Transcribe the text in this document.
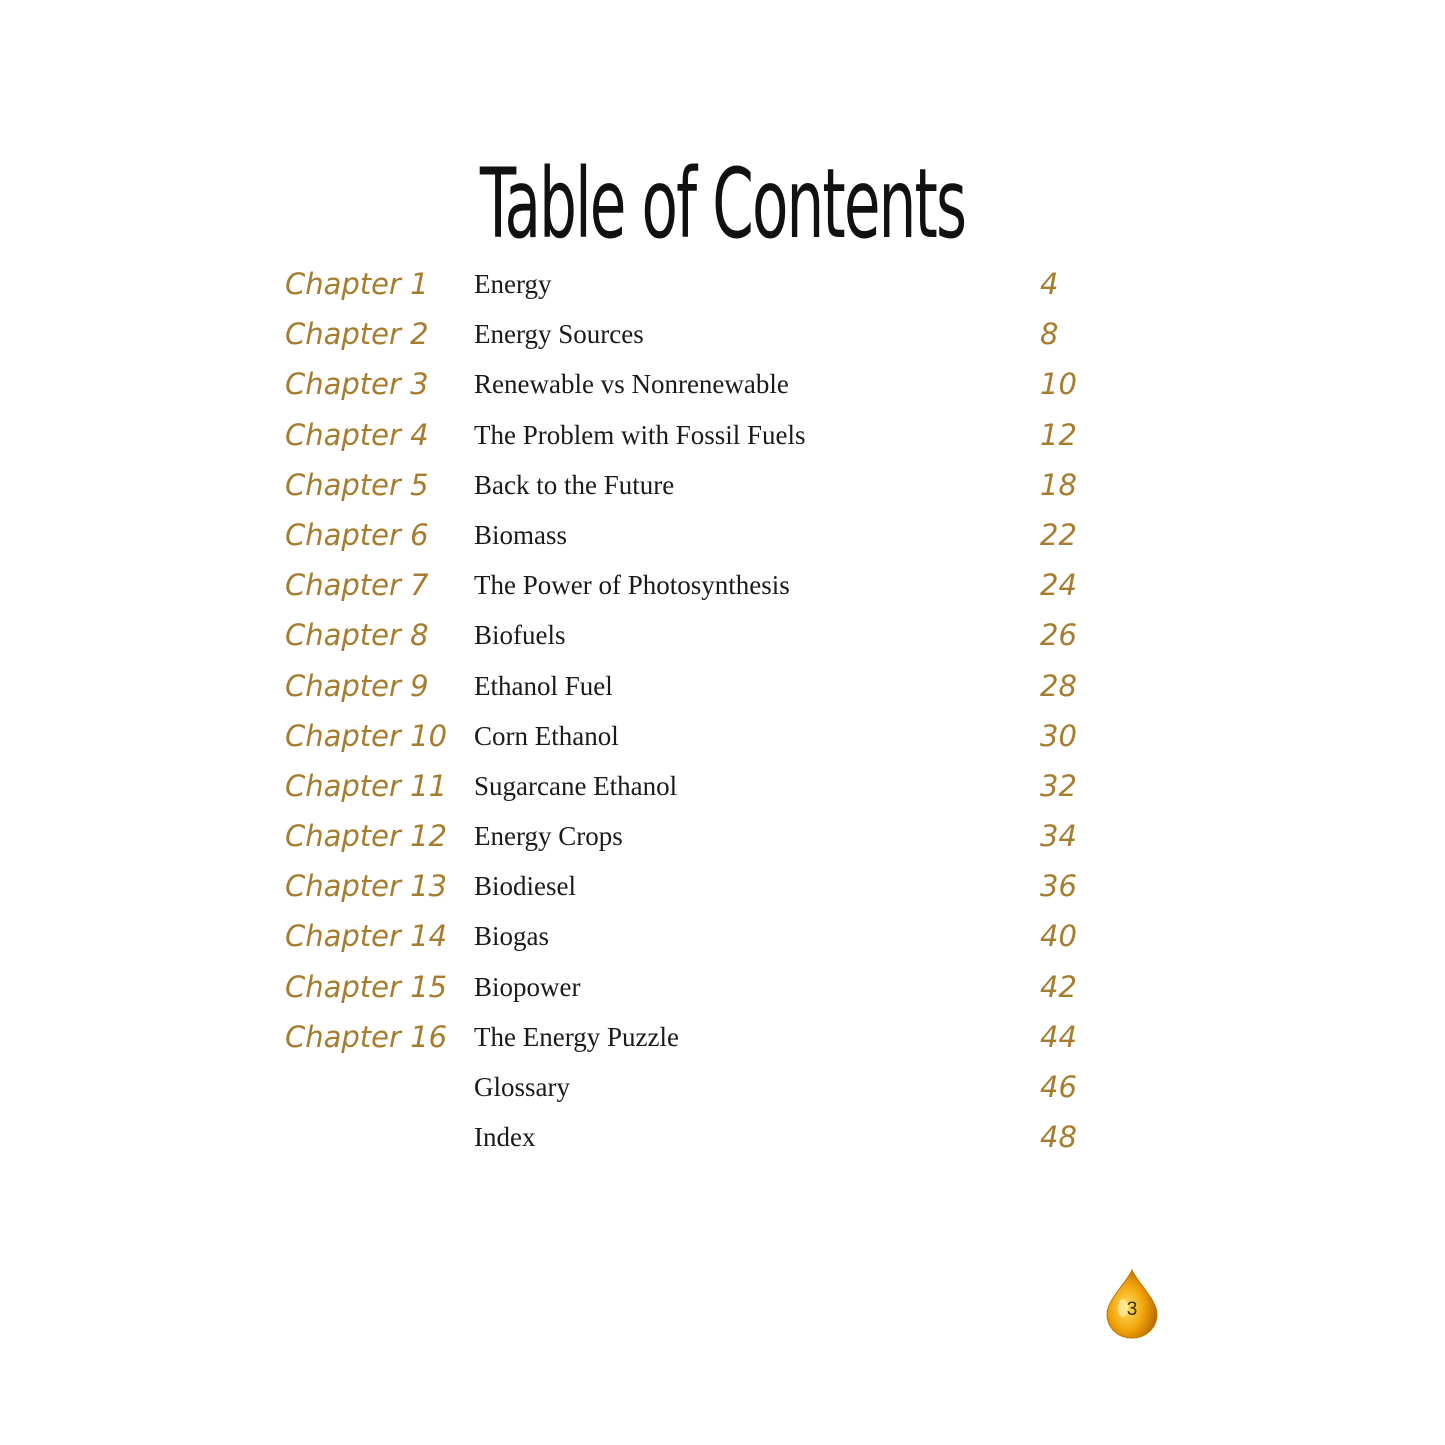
Table of Contents
Chapter 1 Energy	4
Chapter 2 Energy Sources	8
Chapter 3 Renewable vs Nonrenewable	10
Chapter 4 The Problem with Fossil Fuels	12
Chapter 5 Back to the Future	18
Chapter 6 Biomass	22
Chapter 7 The Power of Photosynthesis	24
Chapter 8 Biofuels	26
Chapter 9 Ethanol Fuel	28
Chapter 10 Corn Ethanol	30
Chapter 11 Sugarcane Ethanol	32
Chapter 12 Energy Crops	34
Chapter 13 Biodiesel	36
Chapter 14 Biogas	40
Chapter 15 Biopower	42
Chapter 16 The Energy Puzzle	44
Glossary	46
Index	48
3
